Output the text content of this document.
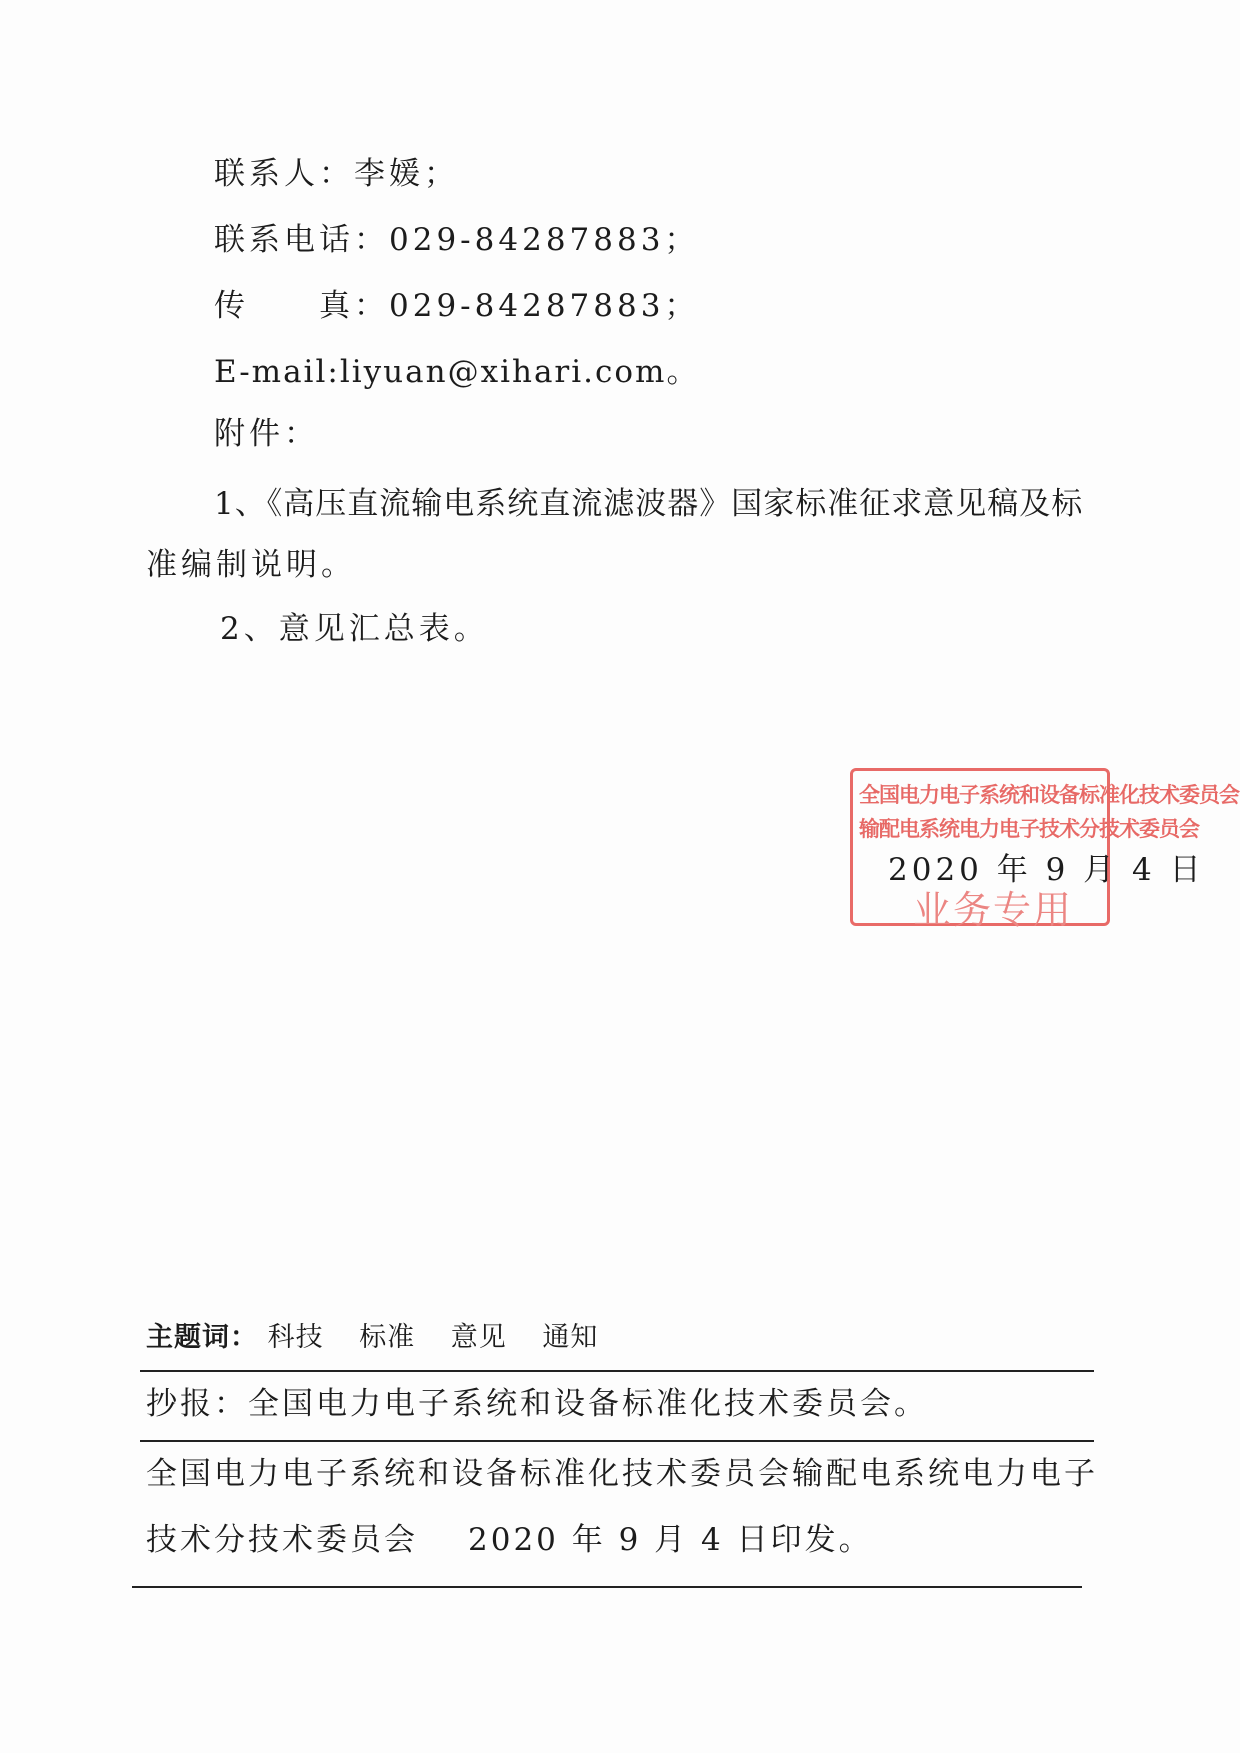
联系人：李媛；
联系电话：029-84287883；
传 真：029-84287883；
E-mail:liyuan@xihari.com。
附件：
1、《高压直流输电系统直流滤波器》国家标准征求意见稿及标
准编制说明。
2、意见汇总表。
全国电力电子系统和设备标准化技术委员会
输配电系统电力电子技术分技术委员会
业务专用
2020 年 9 月 4 日
主题词： 科技 标准 意见 通知
抄报：全国电力电子系统和设备标准化技术委员会。
全国电力电子系统和设备标准化技术委员会输配电系统电力电子
技术分技术委员会 2020 年 9 月 4 日印发。
